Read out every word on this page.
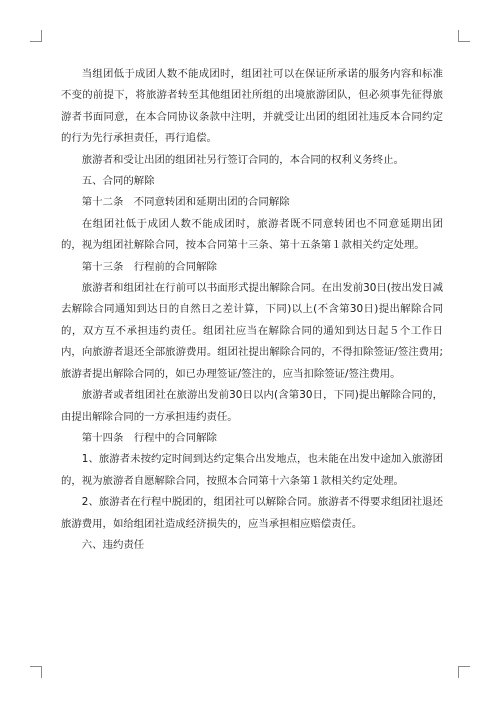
当组团低于成团人数不能成团时，组团社可以在保证所承诺的服务内容和标准不变的前提下，将旅游者转至其他组团社所组的出境旅游团队，但必须事先征得旅游者书面同意，在本合同协议条款中注明，并就受让出团的组团社违反本合同约定的行为先行承担责任，再行追偿。

旅游者和受让出团的组团社另行签订合同的，本合同的权利义务终止。

五、合同的解除

第十二条　不同意转团和延期出团的合同解除

在组团社低于成团人数不能成团时，旅游者既不同意转团也不同意延期出团的，视为组团社解除合同，按本合同第十三条、第十五条第１款相关约定处理。

第十三条　行程前的合同解除

旅游者和组团社在行前可以书面形式提出解除合同。在出发前30日(按出发日减去解除合同通知到达日的自然日之差计算，下同)以上(不含第30日)提出解除合同的，双方互不承担违约责任。组团社应当在解除合同的通知到达日起５个工作日内，向旅游者退还全部旅游费用。组团社提出解除合同的，不得扣除签证/签注费用;旅游者提出解除合同的，如已办理签证/签注的，应当扣除签证/签注费用。

旅游者或者组团社在旅游出发前30日以内(含第30日，下同)提出解除合同的，由提出解除合同的一方承担违约责任。

第十四条　行程中的合同解除

1、旅游者未按约定时间到达约定集合出发地点，也未能在出发中途加入旅游团的，视为旅游者自愿解除合同，按照本合同第十六条第１款相关约定处理。

2、旅游者在行程中脱团的，组团社可以解除合同。旅游者不得要求组团社退还旅游费用，如给组团社造成经济损失的，应当承担相应赔偿责任。

六、违约责任
